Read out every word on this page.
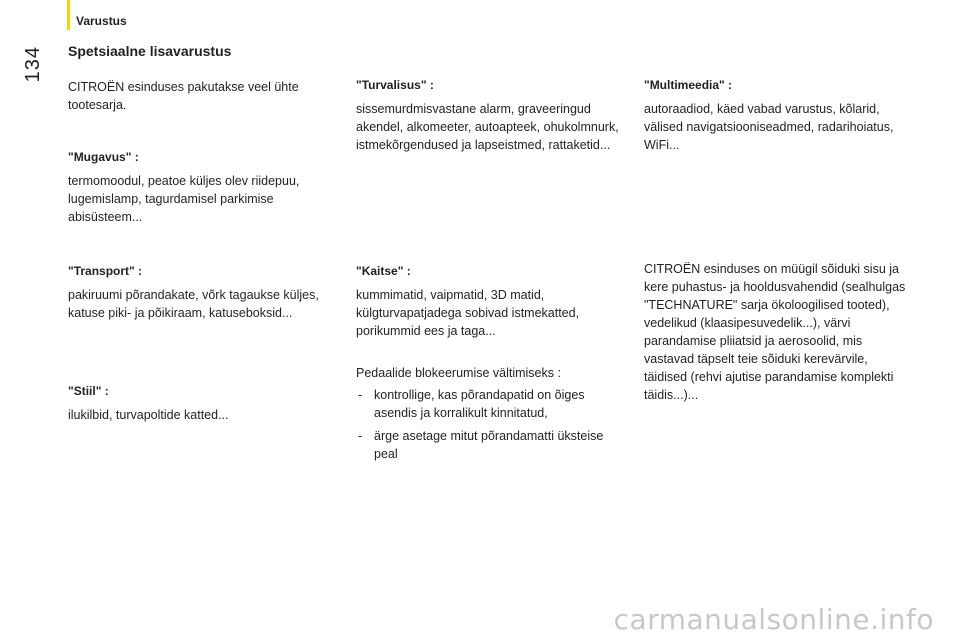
Varustus
134 Spetsiaalne lisavarustus

CITROËN esinduses pakutakse veel ühte tootesarja.

"Mugavus" :

termomoodul, peatoe küljes olev riidepuu, lugemislamp, tagurdamisel parkimise abisüsteem...

"Transport" :

pakiruumi põrandakate, võrk tagaukse küljes, katuse piki- ja põikiraam, katuseboksid...

"Stiil" :

ilukilbid, turvapoltide katted...

"Turvalisus" :

sissemurdmisvastane alarm, graveeringud akendel, alkomeeter, autoapteek, ohukolmnurk, istmekõrgendused ja lapseistmed, rattaketid...

"Kaitse" :

kummimatid, vaipmatid, 3D matid, külgturvapatjadega sobivad istmekatted, porikummid ees ja taga...

Pedaalide blokeerumise vältimiseks :

- kontrollige, kas põrandapatid on õiges asendis ja korralikult kinnitatud,
- ärge asetage mitut põrandamatti üksteise peal
"Multimeedia" :

autoraadiod, käed vabad varustus, kõlarid, välised navigatsiooniseadmed, radarihoiatus, WiFi...

CITROËN esinduses on müügil sõiduki sisu ja kere puhastus- ja hooldusvahendid (sealhulgas "TECHNATURE" sarja ökoloogilised tooted), vedelikud (klaasipesuvedelik...), värvi parandamise pliiatsid ja aerosoolid, mis vastavad täpselt teie sõiduki kerevärvile, täidised (rehvi ajutise parandamise komplekti täidis...)...

carmanualsonline.info
